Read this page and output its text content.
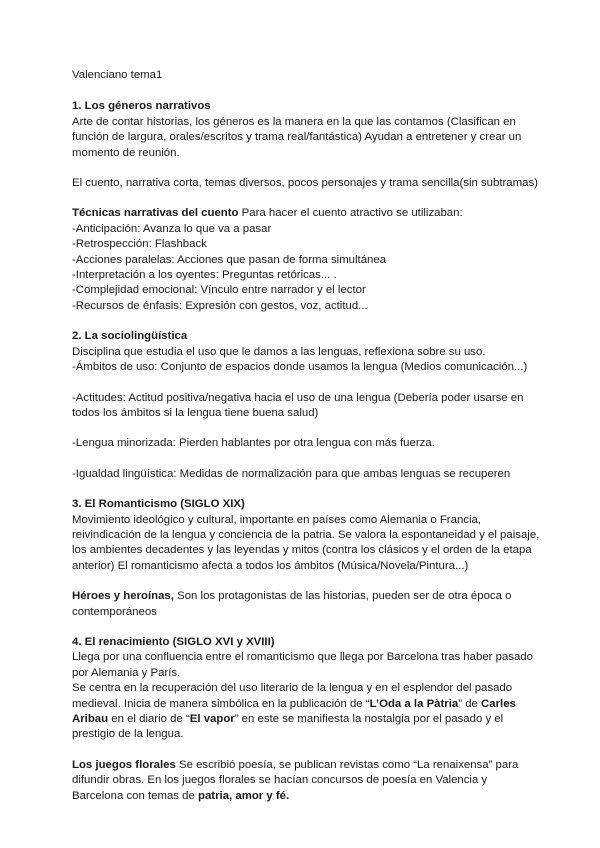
Valenciano tema1
1. Los géneros narrativos
Arte de contar historias, los géneros es la manera en la que las contamos (Clasifican en
función de largura, orales/escritos y trama real/fantástica) Ayudan a entretener y crear un
momento de reunión.
El cuento, narrativa corta, temas diversos, pocos personajes y trama sencilla(sin subtramas)
Técnicas narrativas del cuento Para hacer el cuento atractivo se utilizaban:
-Anticipación: Avanza lo que va a pasar
-Retrospección: Flashback
-Acciones paralelas: Acciones que pasan de forma simultánea
-Interpretación a los oyentes: Preguntas retóricas... .
-Complejidad emocional: Vínculo entre narrador y el lector
-Recursos de énfasis: Expresión con gestos, voz, actitud...
2. La sociolingüística
Disciplina que estudia el uso que le damos a las lenguas, reflexiona sobre su uso.
-Ámbitos de uso: Conjunto de espacios donde usamos la lengua (Medios comunicación...)
-Actitudes: Actitud positiva/negativa hacia el uso de una lengua (Debería poder usarse en
todos los ámbitos si la lengua tiene buena salud)
-Lengua minorizada: Pierden hablantes por otra lengua con más fuerza.
-Igualdad lingüística: Medidas de normalización para que ambas lenguas se recuperen
3. El Romanticismo (SIGLO XIX)
Movimiento ideológico y cultural, importante en países como Alemania o Francia,
reivindicación de la lengua y conciencia de la patria. Se valora la espontaneidad y el paisaje,
los ambientes decadentes y las leyendas y mitos (contra los clásicos y el orden de la etapa
anterior) El romanticismo afecta a todos los ámbitos (Música/Novela/Pintura...)
Héroes y heroínas, Son los protagonistas de las historias, pueden ser de otra época o
contemporáneos
4. El renacimiento (SIGLO XVI y XVIII)
Llega por una confluencia entre el romanticismo que llega por Barcelona tras haber pasado
por Alemania y París.
Se centra en la recuperación del uso literario de la lengua y en el esplendor del pasado
medieval. Inicia de manera simbólica en la publicación de “L’Oda a la Pàtria” de Carles
Aribau en el diario de “El vapor” en este se manifiesta la nostalgia por el pasado y el
prestigio de la lengua.
Los juegos florales Se escribió poesía, se publican revistas como “La renaixensa” para
difundir obras. En los juegos florales se hacían concursos de poesía en Valencia y
Barcelona con temas de patria, amor y fé.
